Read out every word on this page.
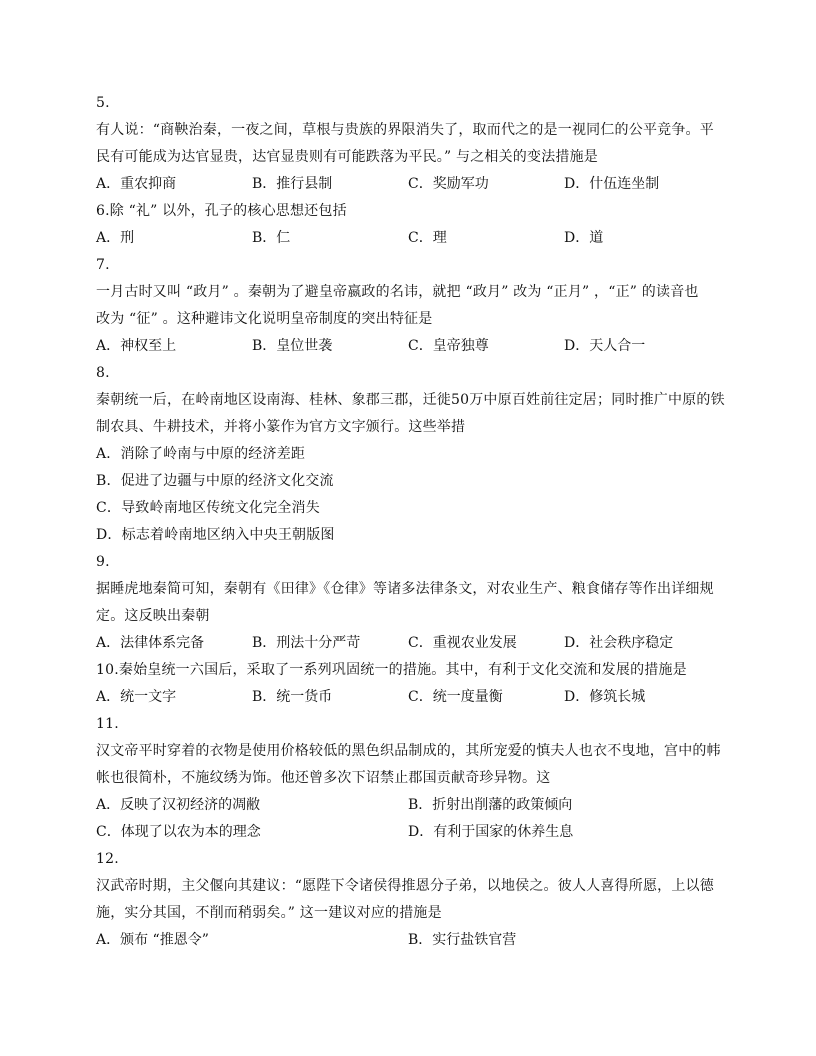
5.
有人说：“商鞅治秦，一夜之间，草根与贵族的界限消失了，取而代之的是一视同仁的公平竞争。平
民有可能成为达官显贵，达官显贵则有可能跌落为平民。” 与之相关的变法措施是
A．重农抑商	B．推行县制	C．奖励军功	D．什伍连坐制
6.除 “礼” 以外，孔子的核心思想还包括
A．刑	B．仁	C．理	D．道
7.
一月古时又叫 “政月” 。秦朝为了避皇帝嬴政的名讳，就把 “政月” 改为 “正月” ，“正” 的读音也
改为 “征” 。这种避讳文化说明皇帝制度的突出特征是
A．神权至上	B．皇位世袭	C．皇帝独尊	D．天人合一
8.
秦朝统一后，在岭南地区设南海、桂林、象郡三郡，迁徙50万中原百姓前往定居；同时推广中原的铁
制农具、牛耕技术，并将小篆作为官方文字颁行。这些举措
A．消除了岭南与中原的经济差距
B．促进了边疆与中原的经济文化交流
C．导致岭南地区传统文化完全消失
D．标志着岭南地区纳入中央王朝版图
9.
据睡虎地秦简可知，秦朝有《田律》《仓律》等诸多法律条文，对农业生产、粮食储存等作出详细规
定。这反映出秦朝
A．法律体系完备	B．刑法十分严苛	C．重视农业发展	D．社会秩序稳定
10.秦始皇统一六国后，采取了一系列巩固统一的措施。其中，有利于文化交流和发展的措施是
A．统一文字	B．统一货币	C．统一度量衡	D．修筑长城
11.
汉文帝平时穿着的衣物是使用价格较低的黑色织品制成的，其所宠爱的慎夫人也衣不曳地，宫中的帏
帐也很简朴，不施纹绣为饰。他还曾多次下诏禁止郡国贡献奇珍异物。这
A．反映了汉初经济的凋敝	B．折射出削藩的政策倾向
C．体现了以农为本的理念	D．有利于国家的休养生息
12.
汉武帝时期，主父偃向其建议：“愿陛下令诸侯得推恩分子弟，以地侯之。彼人人喜得所愿，上以德
施，实分其国，不削而稍弱矣。” 这一建议对应的措施是
A．颁布 “推恩令”	B．实行盐铁官营
